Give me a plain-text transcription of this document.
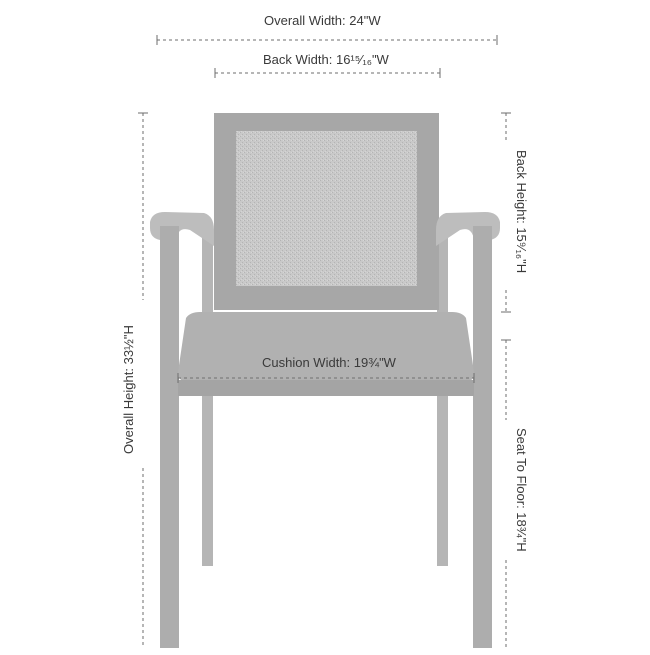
Overall Width: 24"W
Back Width: 16¹⁵⁄₁₆"W
Cushion Width: 19¾"W
Overall Height: 33½"H
Back Height: 15⁹⁄₁₆"H
Seat To Floor: 18¾"H
